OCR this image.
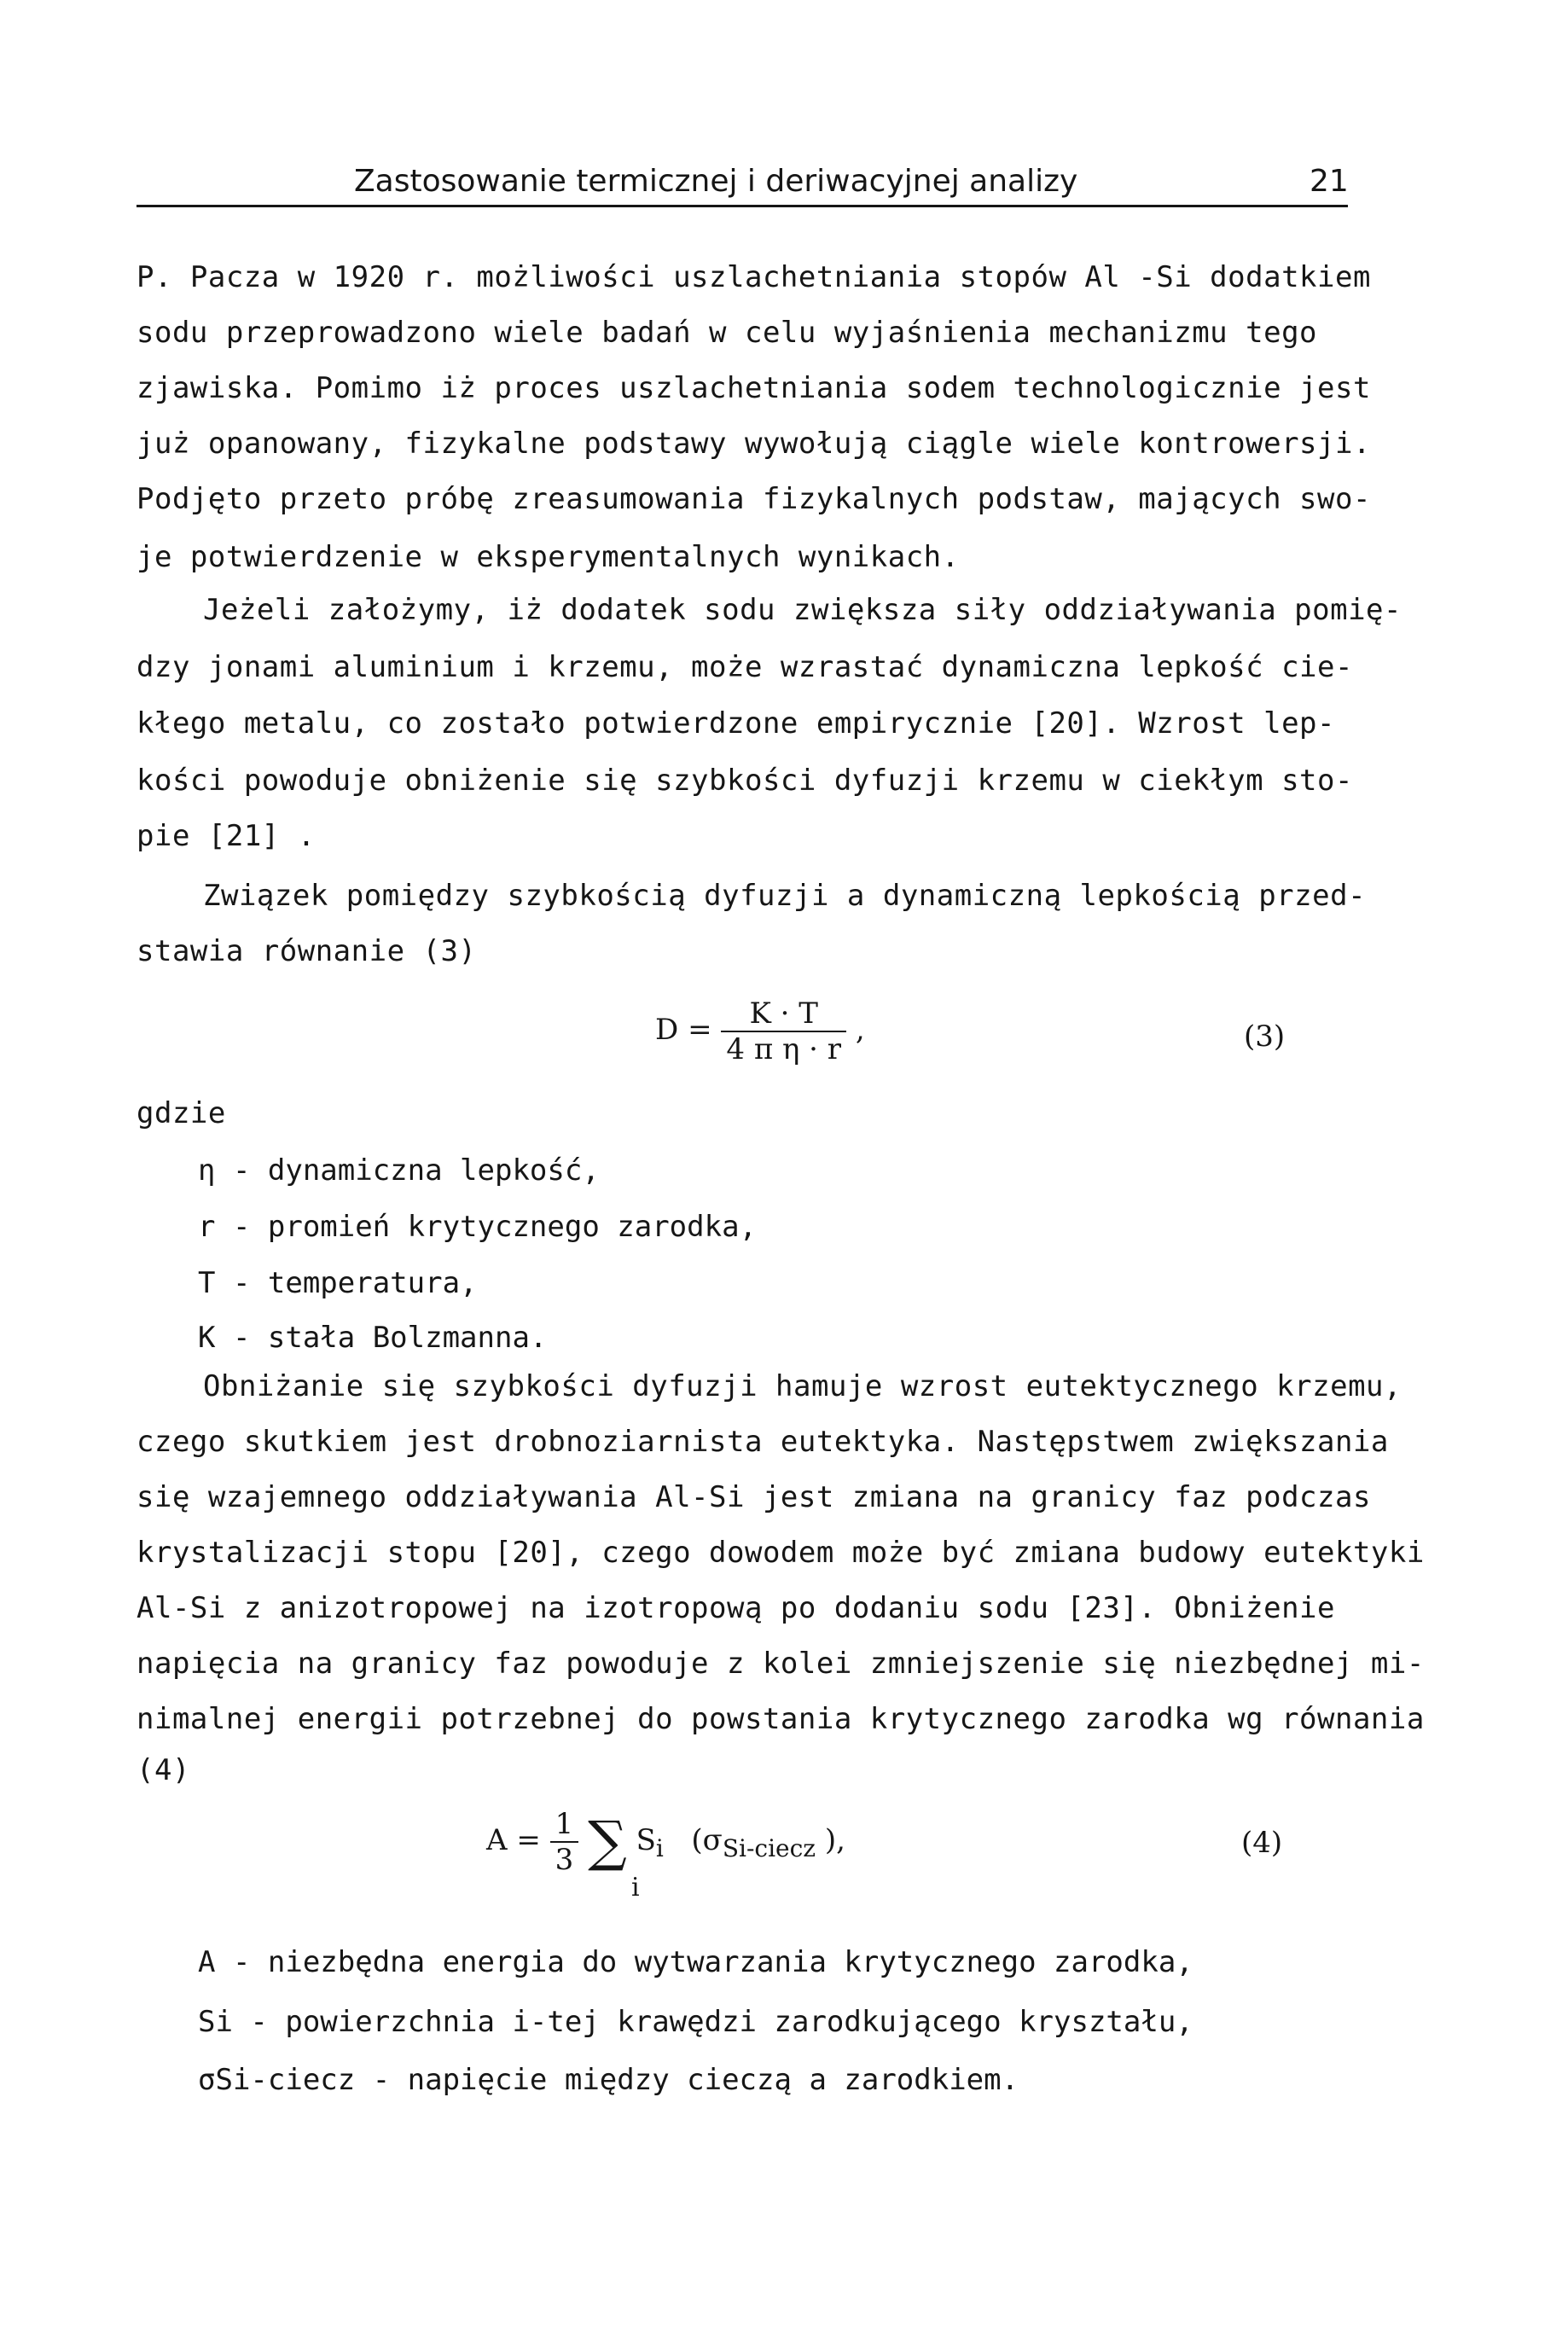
Zastosowanie termicznej i deriwacyjnej analizy	21
P. Pacza w 1920 r. możliwości uszlachetniania stopów Al -Si dodatkiem
sodu przeprowadzono wiele badań w celu wyjaśnienia mechanizmu tego
zjawiska. Pomimo iż proces uszlachetniania sodem technologicznie jest
już opanowany, fizykalne podstawy wywołują ciągle wiele kontrowersji.
Podjęto przeto próbę zreasumowania fizykalnych podstaw, mających swo-
je potwierdzenie w eksperymentalnych wynikach.
Jeżeli założymy, iż dodatek sodu zwiększa siły oddziaływania pomię-
dzy jonami aluminium i krzemu, może wzrastać dynamiczna lepkość cie-
kłego metalu, co zostało potwierdzone empirycznie [20]. Wzrost lep-
kości powoduje obniżenie się szybkości dyfuzji krzemu w ciekłym sto-
pie [21] .
Związek pomiędzy szybkością dyfuzji a dynamiczną lepkością przed-
stawia równanie (3)
$D = \frac{K \cdot T}{\text{4 π η · r}}$ ,	(3)
gdzie
η - dynamiczna lepkość,
r - promień krytycznego zarodka,
T - temperatura,
K - stała Bolzmanna.
Obniżanie się szybkości dyfuzji hamuje wzrost eutektycznego krzemu,
czego skutkiem jest drobnoziarnista eutektyka. Następstwem zwiększania
się wzajemnego oddziaływania Al-Si jest zmiana na granicy faz podczas
krystalizacji stopu [20], czego dowodem może być zmiana budowy eutektyki
Al-Si z anizotropowej na izotropową po dodaniu sodu [23]. Obniżenie
napięcia na granicy faz powoduje z kolei zmniejszenie się niezbędnej mi-
nimalnej energii potrzebnej do powstania krytycznego zarodka wg równania
(4)
$A = \frac{1}{3}$ ∑ $S_i$ ($\sigma_{Si-ciecz}$ ),
i
(4)
A - niezbędna energia do wytwarzania krytycznego zarodka,
Si - powierzchnia i-tej krawędzi zarodkującego kryształu,
σSi-ciecz - napięcie między cieczą a zarodkiem.
